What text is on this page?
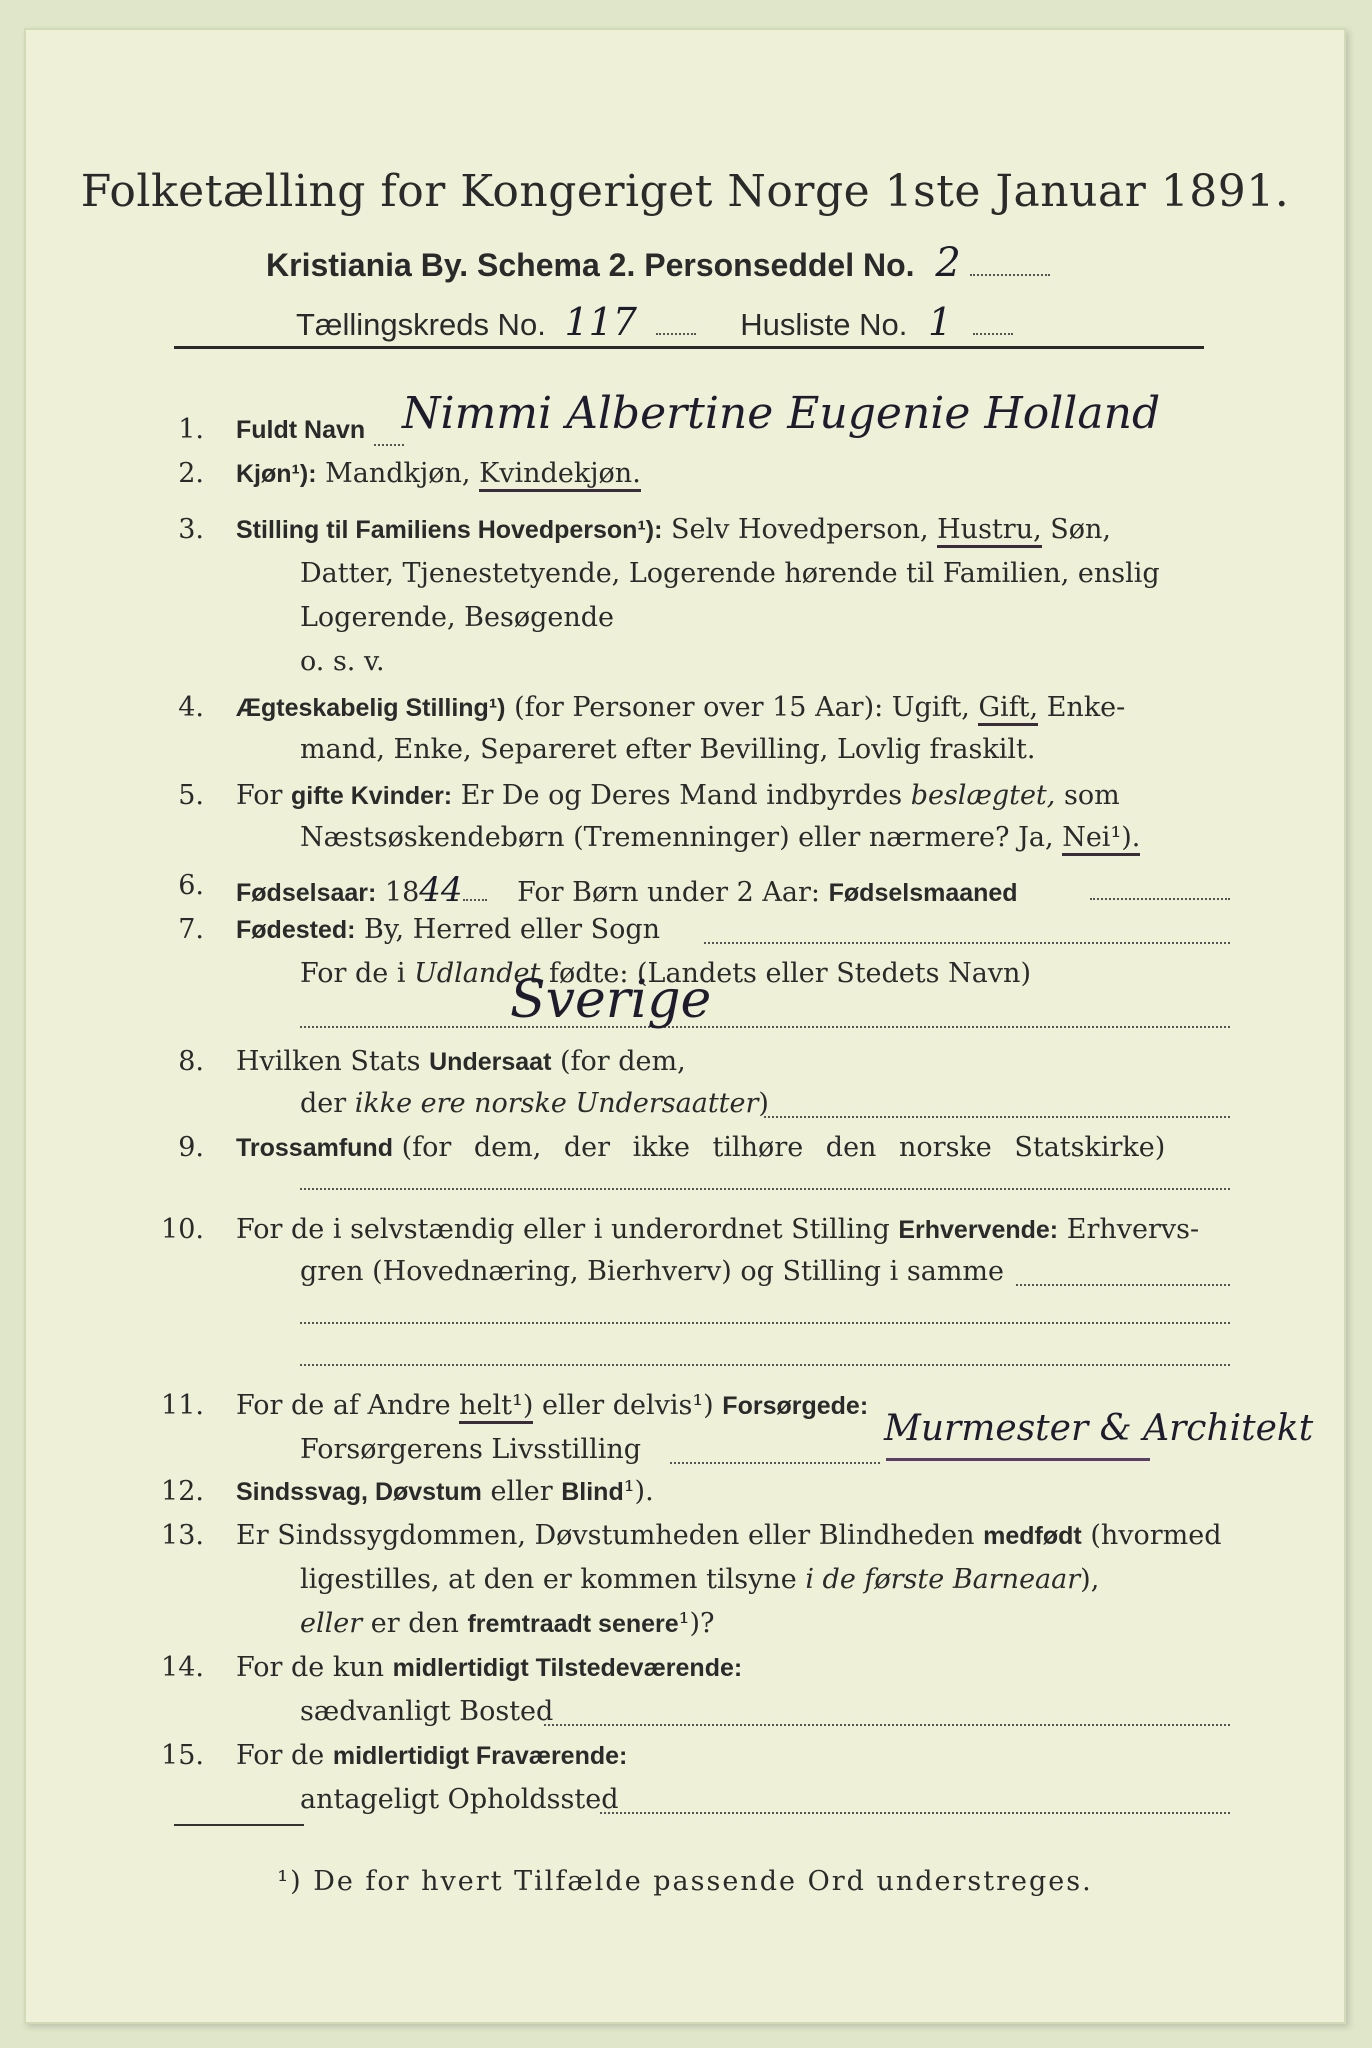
Folketælling for Kongeriget Norge 1ste Januar 1891.
Kristiania By. Schema 2. Personseddel No. 2
Tællingskreds No. 117	Husliste No. 1
1. Fuldt Navn Nimmi Albertine Eugenie Holland
2. Kjøn¹): Mandkjøn, Kvindekjøn.
3. Stilling til Familiens Hovedperson¹): Selv Hovedperson, Hustru, Søn,
Datter, Tjenestetyende, Logerende hørende til Familien, enslig
Logerende, Besøgende
o. s. v.
4. Ægteskabelig Stilling¹) (for Personer over 15 Aar): Ugift, Gift, Enke-
mand, Enke, Separeret efter Bevilling, Lovlig fraskilt.
5. For gifte Kvinder: Er De og Deres Mand indbyrdes beslægtet, som
Næstsøskendebørn (Tremenninger) eller nærmere? Ja, Nei¹).
6. Fødselsaar: 1844 For Børn under 2 Aar: Fødselsmaaned
7. Fødested: By, Herred eller Sogn
For de i Udlandet fødte: (Landets eller Stedets Navn)
Sverige
8. Hvilken Stats Undersaat (for dem,
der ikke ere norske Undersaatter)
9. Trossamfund (for dem, der ikke tilhøre den norske Statskirke)
10. For de i selvstændig eller i underordnet Stilling Erhvervende: Erhvervs-
gren (Hovednæring, Bierhverv) og Stilling i samme
11. For de af Andre helt¹) eller delvis¹) Forsørgede:
Forsørgerens Livsstilling
Murmester & Architekt
12. Sindssvag, Døvstum eller Blind¹).
13. Er Sindssygdommen, Døvstumheden eller Blindheden medfødt (hvormed
ligestilles, at den er kommen tilsyne i de første Barneaar),
eller er den fremtraadt senere¹)?
14. For de kun midlertidigt Tilstedeværende:
sædvanligt Bosted
15. For de midlertidigt Fraværende:
antageligt Opholdssted
¹) De for hvert Tilfælde passende Ord understreges.
